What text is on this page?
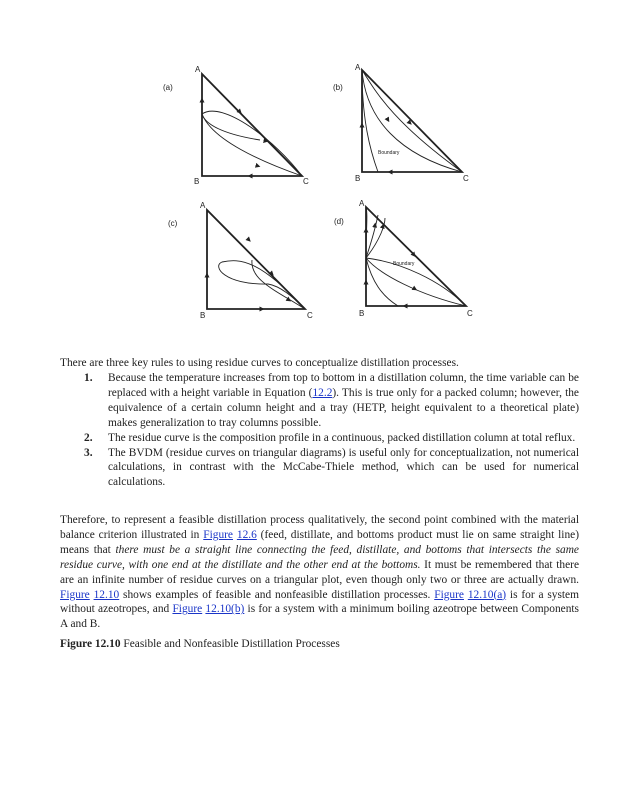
(a)
A
B	C
(b)
A
B	C
Boundary
(c)
A
B	C
(d)
A
B	C
Boundary
There are three key rules to using residue curves to conceptualize distillation processes.
1. Because the temperature increases from top to bottom in a distillation column, the time variable can be replaced with a height variable in Equation (12.2). This is true only for a packed column; however, the equivalence of a certain column height and a tray (HETP, height equivalent to a theoretical plate) makes generalization to tray columns possible.
2. The residue curve is the composition profile in a continuous, packed distillation column at total reflux.
3. The BVDM (residue curves on triangular diagrams) is useful only for conceptualization, not numerical calculations, in contrast with the McCabe-Thiele method, which can be used for numerical calculations.
Therefore, to represent a feasible distillation process qualitatively, the second point combined with the material balance criterion illustrated in Figure 12.6 (feed, distillate, and bottoms product must lie on same straight line) means that there must be a straight line connecting the feed, distillate, and bottoms that intersects the same residue curve, with one end at the distillate and the other end at the bottoms. It must be remembered that there are an infinite number of residue curves on a triangular plot, even though only two or three are actually drawn. Figure 12.10 shows examples of feasible and nonfeasible distillation processes. Figure 12.10(a) is for a system without azeotropes, and Figure 12.10(b) is for a system with a minimum boiling azeotrope between Components A and B.
Figure 12.10 Feasible and Nonfeasible Distillation Processes
